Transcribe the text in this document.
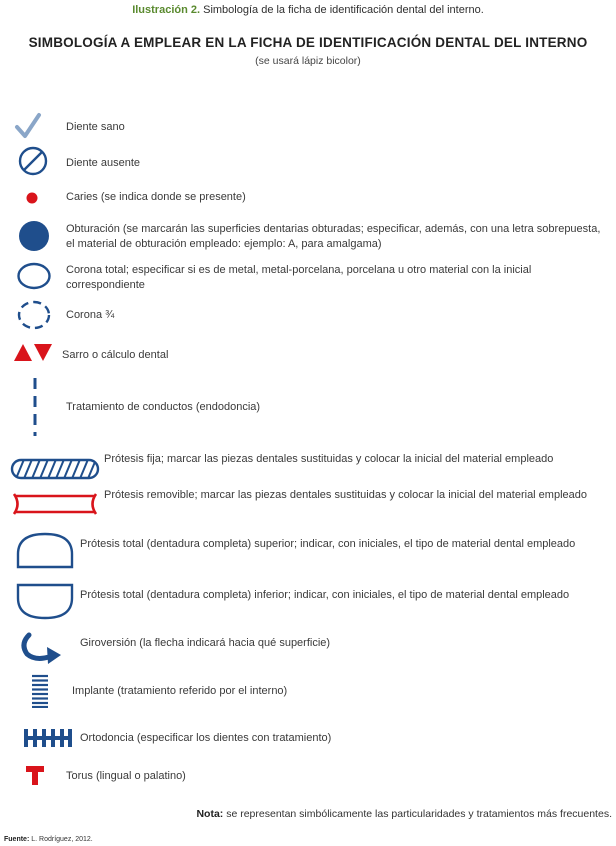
Ilustración 2. Simbología de la ficha de identificación dental del interno.
SIMBOLOGÍA A EMPLEAR EN LA FICHA DE IDENTIFICACIÓN DENTAL DEL INTERNO
(se usará lápiz bicolor)
Diente sano
Diente ausente
Caries (se indica donde se presente)
Obturación (se marcarán las superficies dentarias obturadas; especificar, además, con una letra sobrepuesta, el material de obturación empleado: ejemplo: A, para amalgama)
Corona total; especificar si es de metal, metal-porcelana, porcelana u otro material con la inicial correspondiente
Corona ¾
Sarro o cálculo dental
Tratamiento de conductos (endodoncia)
Prótesis fija; marcar las piezas dentales sustituidas y colocar la inicial del material empleado
Prótesis removible; marcar las piezas dentales sustituidas y colocar la inicial del material empleado
Prótesis total (dentadura completa) superior; indicar, con iniciales, el tipo de material dental empleado
Prótesis total (dentadura completa) inferior; indicar, con iniciales, el tipo de material dental empleado
Giroversión (la flecha indicará hacia qué superficie)
Implante (tratamiento referido por el interno)
Ortodoncia (especificar los dientes con tratamiento)
Torus (lingual o palatino)
Nota: se representan simbólicamente las particularidades y tratamientos más frecuentes.
Fuente: L. Rodríguez, 2012.
